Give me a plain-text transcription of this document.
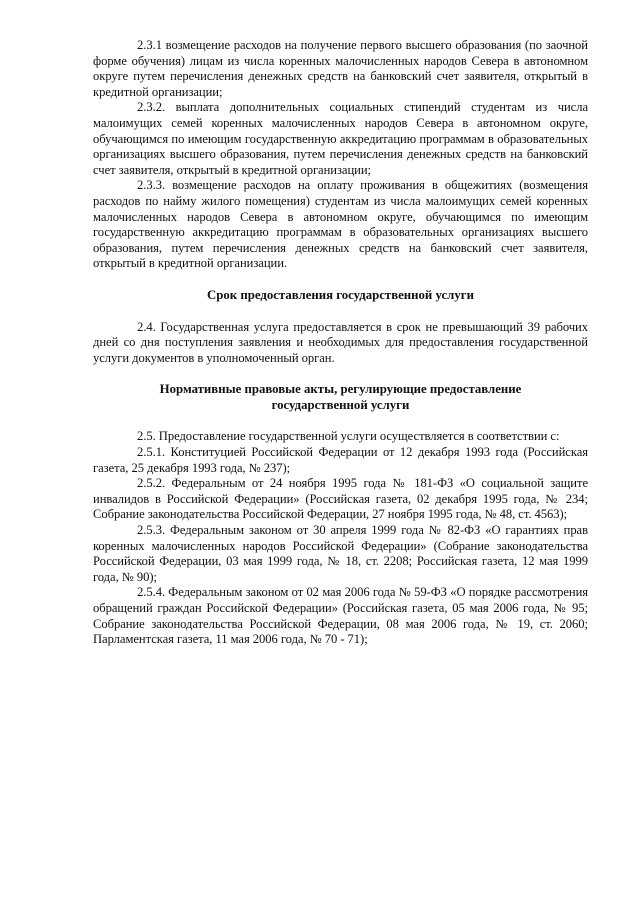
2.3.1 возмещение расходов на получение первого высшего образования (по заочной форме обучения) лицам из числа коренных малочисленных народов Севера в автономном округе путем перечисления денежных средств на банковский счет заявителя, открытый в кредитной организации;

2.3.2. выплата дополнительных социальных стипендий студентам из числа малоимущих семей коренных малочисленных народов Севера в автономном округе, обучающимся по имеющим государственную аккредитацию программам в образовательных организациях высшего образования, путем перечисления денежных средств на банковский счет заявителя, открытый в кредитной организации;

2.3.3. возмещение расходов на оплату проживания в общежитиях (возмещения расходов по найму жилого помещения) студентам из числа малоимущих семей коренных малочисленных народов Севера в автономном округе, обучающимся по имеющим государственную аккредитацию программам в образовательных организациях высшего образования, путем перечисления денежных средств на банковский счет заявителя, открытый в кредитной организации.

Срок предоставления государственной услуги

2.4. Государственная услуга предоставляется в срок не превышающий 39 рабочих дней со дня поступления заявления и необходимых для предоставления государственной услуги документов в уполномоченный орган.

Нормативные правовые акты, регулирующие предоставление

государственной услуги

2.5. Предоставление государственной услуги осуществляется в соответствии с:

2.5.1. Конституцией Российской Федерации от 12 декабря 1993 года (Российская газета, 25 декабря 1993 года, № 237);

2.5.2. Федеральным от 24 ноября 1995 года № 181-ФЗ «О социальной защите инвалидов в Российской Федерации» (Российская газета, 02 декабря 1995 года, № 234; Собрание законодательства Российской Федерации, 27 ноября 1995 года, № 48, ст. 4563);

2.5.3. Федеральным законом от 30 апреля 1999 года № 82-ФЗ «О гарантиях прав коренных малочисленных народов Российской Федерации» (Собрание законодательства Российской Федерации, 03 мая 1999 года, № 18, ст. 2208; Российская газета, 12 мая 1999 года, № 90);

2.5.4. Федеральным законом от 02 мая 2006 года № 59-ФЗ «О порядке рассмотрения обращений граждан Российской Федерации» (Российская газета, 05 мая 2006 года, № 95; Собрание законодательства Российской Федерации, 08 мая 2006 года, № 19, ст. 2060; Парламентская газета, 11 мая 2006 года, № 70 - 71);
